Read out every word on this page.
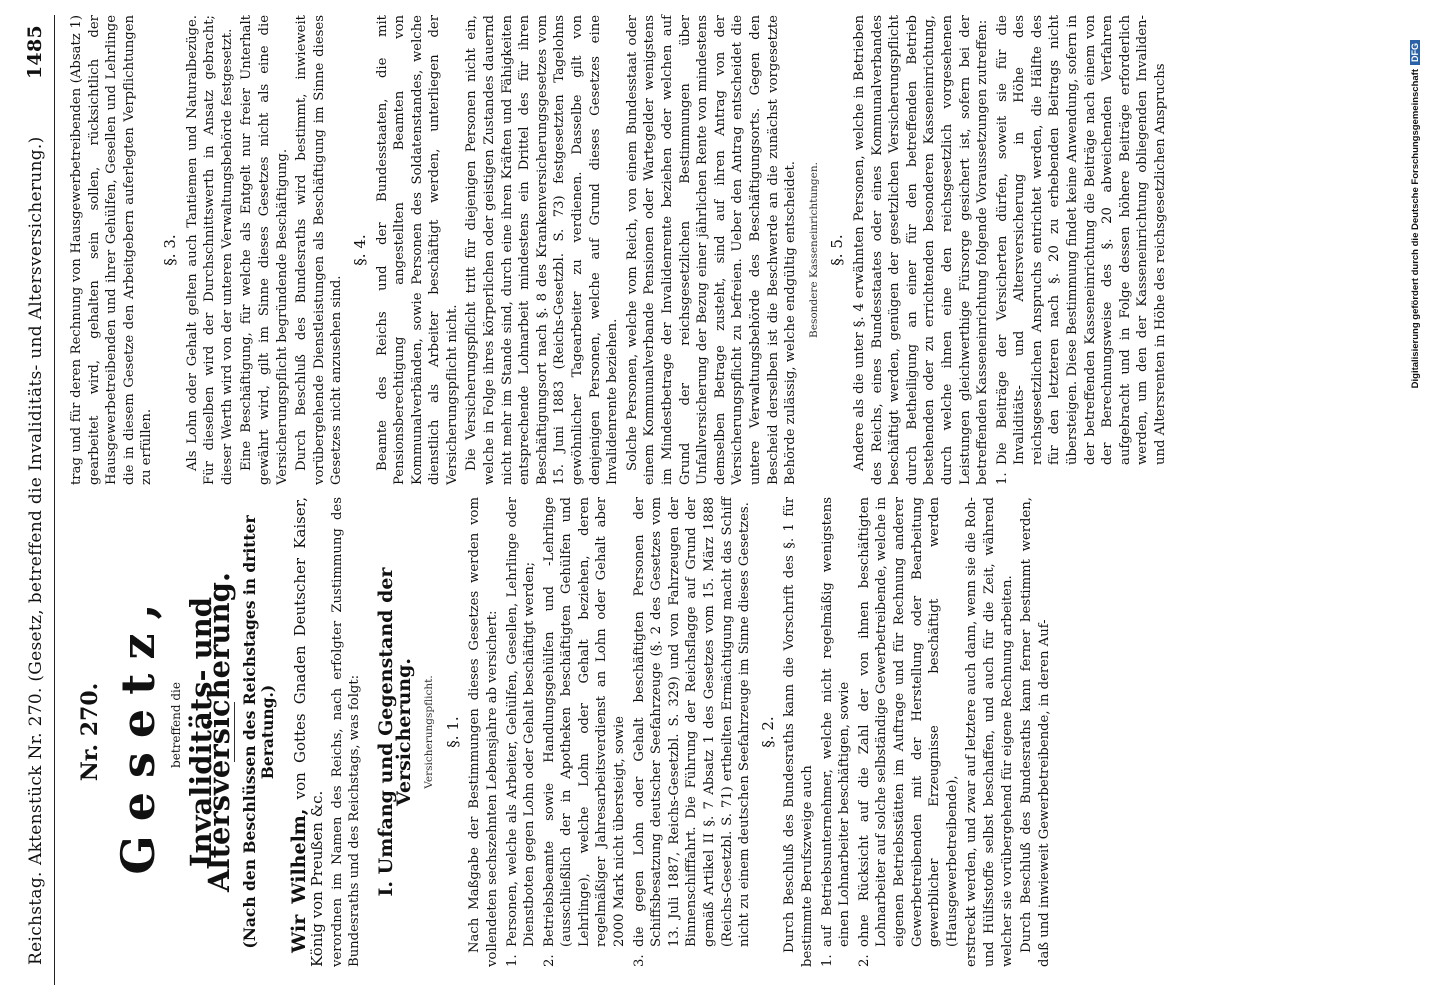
Reichstag.
Aktenstück Nr. 270. (Gesetz, betreffend die Invaliditäts- und Altersversicherung.)
1485
Nr. 270. Gesetz, betreffend die Invaliditäts- und Altersversicherung. (Nach den Beschlüssen des Reichstages in dritter Beratung.)

Wir Wilhelm, von Gottes Gnaden Deutscher Kaiser, König von Preußen &c. verordnen im Namen des Reichs, nach erfolgter Zustimmung des Bundesraths und des Reichstags, was folgt: I. Umfang und Gegenstand der Versicherung. Versicherungspflicht. §. 1. Nach Maßgabe der Bestimmungen dieses Gesetzes werden vom vollendeten sechszehnten Lebensjahre ab versichert: 1.Personen, welche als Arbeiter, Gehülfen, Gesellen, Lehrlinge oder Dienstboten gegen Lohn oder Gehalt beschäftigt werden;

2.Betriebsbeamte sowie Handlungsgehülfen und -Lehrlinge (ausschließlich der in Apotheken beschäftigten Gehülfen und Lehrlinge), welche Lohn oder Gehalt beziehen, deren regelmäßiger Jahresarbeitsverdienst an Lohn oder Gehalt aber 2000 Mark nicht übersteigt, sowie

3.die gegen Lohn oder Gehalt beschäftigten Personen der Schiffsbesatzung deutscher Seefahrzeuge (§. 2 des Gesetzes vom 13. Juli 1887, Reichs-Gesetzbl. S. 329) und von Fahrzeugen der Binnenschifffahrt. Die Führung der Reichsflagge auf Grund der gemäß Artikel II §. 7 Absatz 1 des Gesetzes vom 15. März 1888 (Reichs-Gesetzbl. S. 71) ertheilten Ermächtigung macht das Schiff nicht zu einem deutschen Seefahrzeuge im Sinne dieses Gesetzes. §. 2. Durch Beschluß des Bundesraths kann die Vorschrift des §. 1 für bestimmte Berufszweige auch 1.auf Betriebsunternehmer, welche nicht regelmäßig wenigstens einen Lohnarbeiter beschäftigen, sowie

2.ohne Rücksicht auf die Zahl der von ihnen beschäftigten Lohnarbeiter auf solche selbständige Gewerbetreibende, welche in eigenen Betriebsstätten im Auftrage und für Rechnung anderer Gewerbetreibenden mit der Herstellung oder Bearbeitung gewerblicher Erzeugnisse beschäftigt werden (Hausgewerbetreibende), erstreckt werden, und zwar auf letztere auch dann, wenn sie die Roh- und Hülfsstoffe selbst beschaffen, und auch für die Zeit, während welcher sie vorübergehend für eigene Rechnung arbeiten. Durch Beschluß des Bundesraths kann ferner bestimmt werden, daß und inwieweit Gewerbetreibende, in deren Auf-

trag und für deren Rechnung von Hausgewerbetreibenden (Absatz 1) gearbeitet wird, gehalten sein sollen, rücksichtlich der Hausgewerbetreibenden und ihrer Gehülfen, Gesellen und Lehrlinge die in diesem Gesetze den Arbeitgebern auferlegten Verpflichtungen zu erfüllen.

§. 3. Als Lohn oder Gehalt gelten auch Tantiemen und Naturalbezüge. Für dieselben wird der Durchschnittswerth in Ansatz gebracht; dieser Werth wird von der unteren Verwaltungsbehörde festgesetzt. Eine Beschäftigung, für welche als Entgelt nur freier Unterhalt gewährt wird, gilt im Sinne dieses Gesetzes nicht als eine die Versicherungspflicht begründende Beschäftigung. Durch Beschluß des Bundesraths wird bestimmt, inwieweit vorübergehende Dienstleistungen als Beschäftigung im Sinne dieses Gesetzes nicht anzusehen sind.

§. 4. Beamte des Reichs und der Bundesstaaten, die mit Pensionsberechtigung angestellten Beamten von Kommunalverbänden, sowie Personen des Soldatenstandes, welche dienstlich als Arbeiter beschäftigt werden, unterliegen der Versicherungspflicht nicht. Die Versicherungspflicht tritt für diejenigen Personen nicht ein, welche in Folge ihres körperlichen oder geistigen Zustandes dauernd nicht mehr im Stande sind, durch eine ihren Kräften und Fähigkeiten entsprechende Lohnarbeit mindestens ein Drittel des für ihren Beschäftigungsort nach §. 8 des Krankenversicherungsgesetzes vom 15. Juni 1883 (Reichs-Gesetzbl. S. 73) festgesetzten Tagelohns gewöhnlicher Tagearbeiter zu verdienen. Dasselbe gilt von denjenigen Personen, welche auf Grund dieses Gesetzes eine Invalidenrente beziehen. Solche Personen, welche vom Reich, von einem Bundesstaat oder einem Kommunalverbande Pensionen oder Wartegelder wenigstens im Mindestbetrage der Invalidenrente beziehen oder welchen auf Grund der reichsgesetzlichen Bestimmungen über Unfallversicherung der Bezug einer jährlichen Rente von mindestens demselben Betrage zusteht, sind auf ihren Antrag von der Versicherungspflicht zu befreien. Ueber den Antrag entscheidet die untere Verwaltungsbehörde des Beschäftigungsorts. Gegen den Bescheid derselben ist die Beschwerde an die zunächst vorgesetzte Behörde zulässig, welche endgültig entscheidet. Besondere Kasseneinrichtungen. §. 5. Andere als die unter §. 4 erwähnten Personen, welche in Betrieben des Reichs, eines Bundesstaates oder eines Kommunalverbandes beschäftigt werden, genügen der gesetzlichen Versicherungspflicht durch Betheiligung an einer für den betreffenden Betrieb bestehenden oder zu errichtenden besonderen Kasseneinrichtung, durch welche ihnen eine den reichsgesetzlich vorgesehenen Leistungen gleichwerthige Fürsorge gesichert ist, sofern bei der betreffenden Kasseneinrichtung folgende Voraussetzungen zutreffen: 1.Die Beiträge der Versicherten dürfen, soweit sie für die Invaliditäts- und Altersversicherung in Höhe des reichsgesetzlichen Anspruchs entrichtet werden, die Hälfte des für den letzteren nach §. 20 zu erhebenden Beitrags nicht übersteigen. Diese Bestimmung findet keine Anwendung, sofern in der betreffenden Kasseneinrichtung die Beiträge nach einem von der Berechnungsweise des §. 20 abweichenden Verfahren aufgebracht und in Folge dessen höhere Beiträge erforderlich werden, um den der Kasseneinrichtung obliegenden Invaliden- und Altersrenten in Höhe des reichsgesetzlichen Anspruchs	Digitalisierung gefördert durch die Deutsche ForschungsgemeinschaftDFG
